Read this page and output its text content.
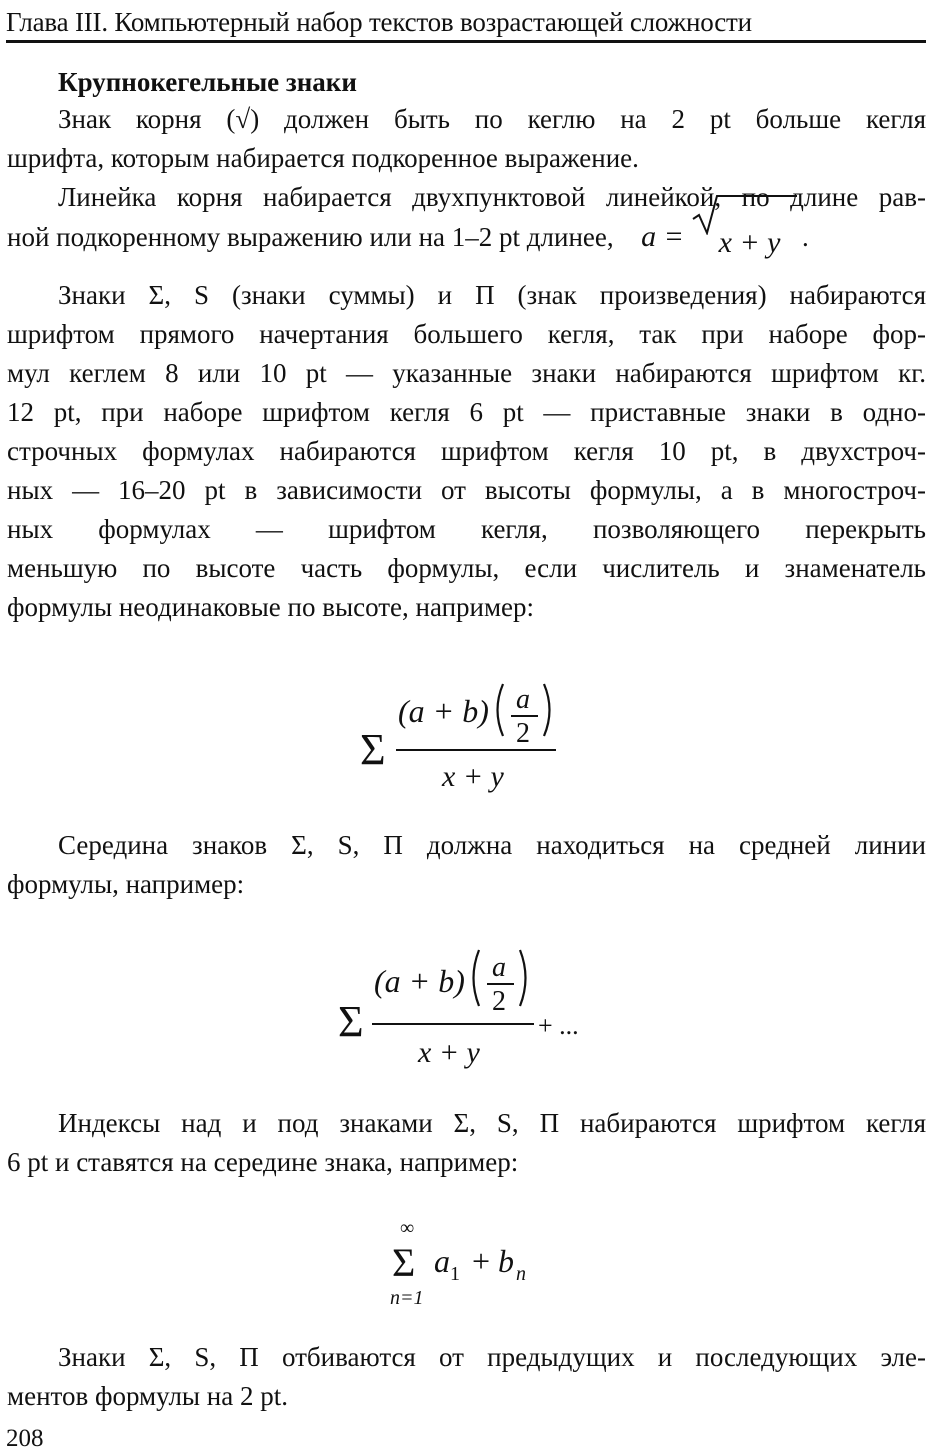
Глава III. Компьютерный набор текстов возрастающей сложности
Крупнокегельные знаки
Знак корня (√) должен быть по кеглю на 2 pt больше кегля
шрифта, которым набирается подкоренное выражение.
Линейка корня набирается двухпунктовой линейкой, по длине рав-
ной подкоренному выражению или на 1–2 pt длинее, a = x + y .
Знаки Σ, S (знаки суммы) и П (знак произведения) набираются
шрифтом прямого начертания большего кегля, так при наборе фор-
мул кеглем 8 или 10 pt — указанные знаки набираются шрифтом кг.
12 pt, при наборе шрифтом кегля 6 pt — приставные знаки в одно-
строчных формулах набираются шрифтом кегля 10 pt, в двухстроч-
ных — 16–20 pt в зависимости от высоты формулы, а в многостроч-
ных формулах — шрифтом кегля, позволяющего перекрыть
меньшую по высоте часть формулы, если числитель и знаменатель
формулы неодинаковые по высоте, например:
Σ
(a + b) a
2
x + y
Середина знаков Σ, S, П должна находиться на средней линии
формулы, например:
Σ
(a + b) a
2
+ ...
x + y
Индексы над и под знаками Σ, S, П набираются шрифтом кегля
6 pt и ставятся на середине знака, например:
∞
Σ
n=1
a 1 + b n
Знаки Σ, S, П отбиваются от предыдущих и последующих эле-
ментов формулы на 2 pt.
208
